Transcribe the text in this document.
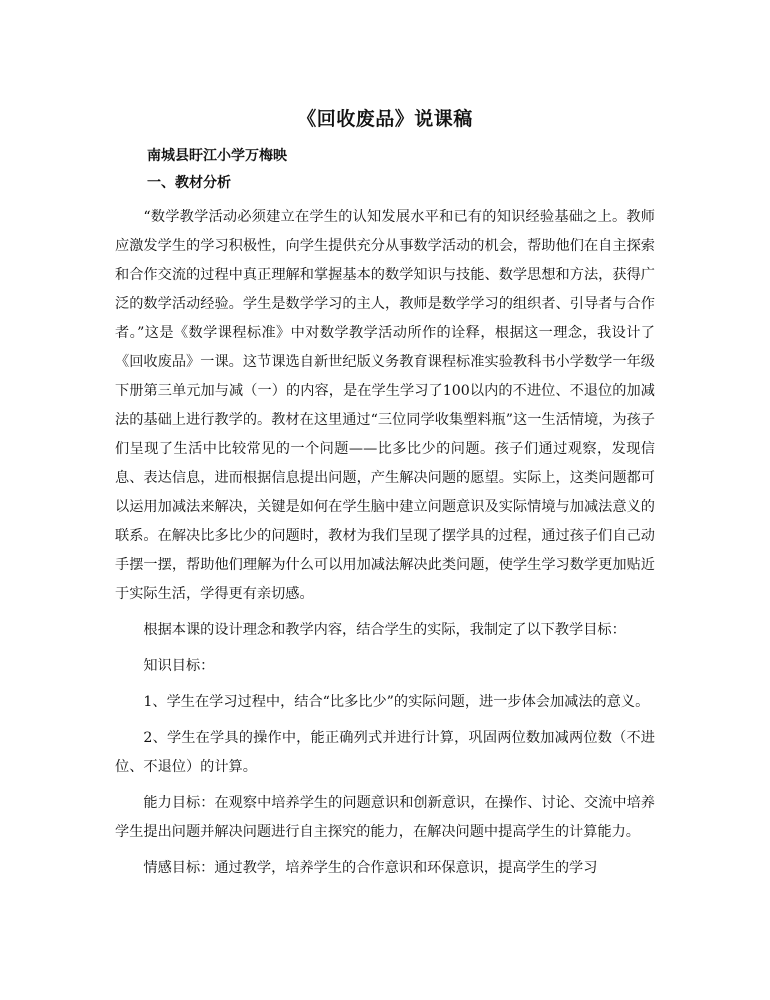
《回收废品》说课稿
南城县盱江小学万梅映
一、教材分析

“数学教学活动必须建立在学生的认知发展水平和已有的知识经验基础之上。教师应激发学生的学习积极性，向学生提供充分从事数学活动的机会，帮助他们在自主探索和合作交流的过程中真正理解和掌握基本的数学知识与技能、数学思想和方法，获得广泛的数学活动经验。学生是数学学习的主人，教师是数学学习的组织者、引导者与合作者。”这是《数学课程标准》中对数学教学活动所作的诠释，根据这一理念，我设计了《回收废品》一课。这节课选自新世纪版义务教育课程标准实验教科书小学数学一年级下册第三单元加与减（一）的内容，是在学生学习了100以内的不进位、不退位的加减法的基础上进行教学的。教材在这里通过“三位同学收集塑料瓶”这一生活情境，为孩子们呈现了生活中比较常见的一个问题——比多比少的问题。孩子们通过观察，发现信息、表达信息，进而根据信息提出问题，产生解决问题的愿望。实际上，这类问题都可以运用加减法来解决，关键是如何在学生脑中建立问题意识及实际情境与加减法意义的联系。在解决比多比少的问题时，教材为我们呈现了摆学具的过程，通过孩子们自己动手摆一摆，帮助他们理解为什么可以用加减法解决此类问题，使学生学习数学更加贴近于实际生活，学得更有亲切感。

根据本课的设计理念和教学内容，结合学生的实际，我制定了以下教学目标：

知识目标：

1、学生在学习过程中，结合“比多比少”的实际问题，进一步体会加减法的意义。

2、学生在学具的操作中，能正确列式并进行计算，巩固两位数加减两位数（不进位、不退位）的计算。

能力目标：在观察中培养学生的问题意识和创新意识，在操作、讨论、交流中培养学生提出问题并解决问题进行自主探究的能力，在解决问题中提高学生的计算能力。

情感目标：通过教学，培养学生的合作意识和环保意识，提高学生的学习
